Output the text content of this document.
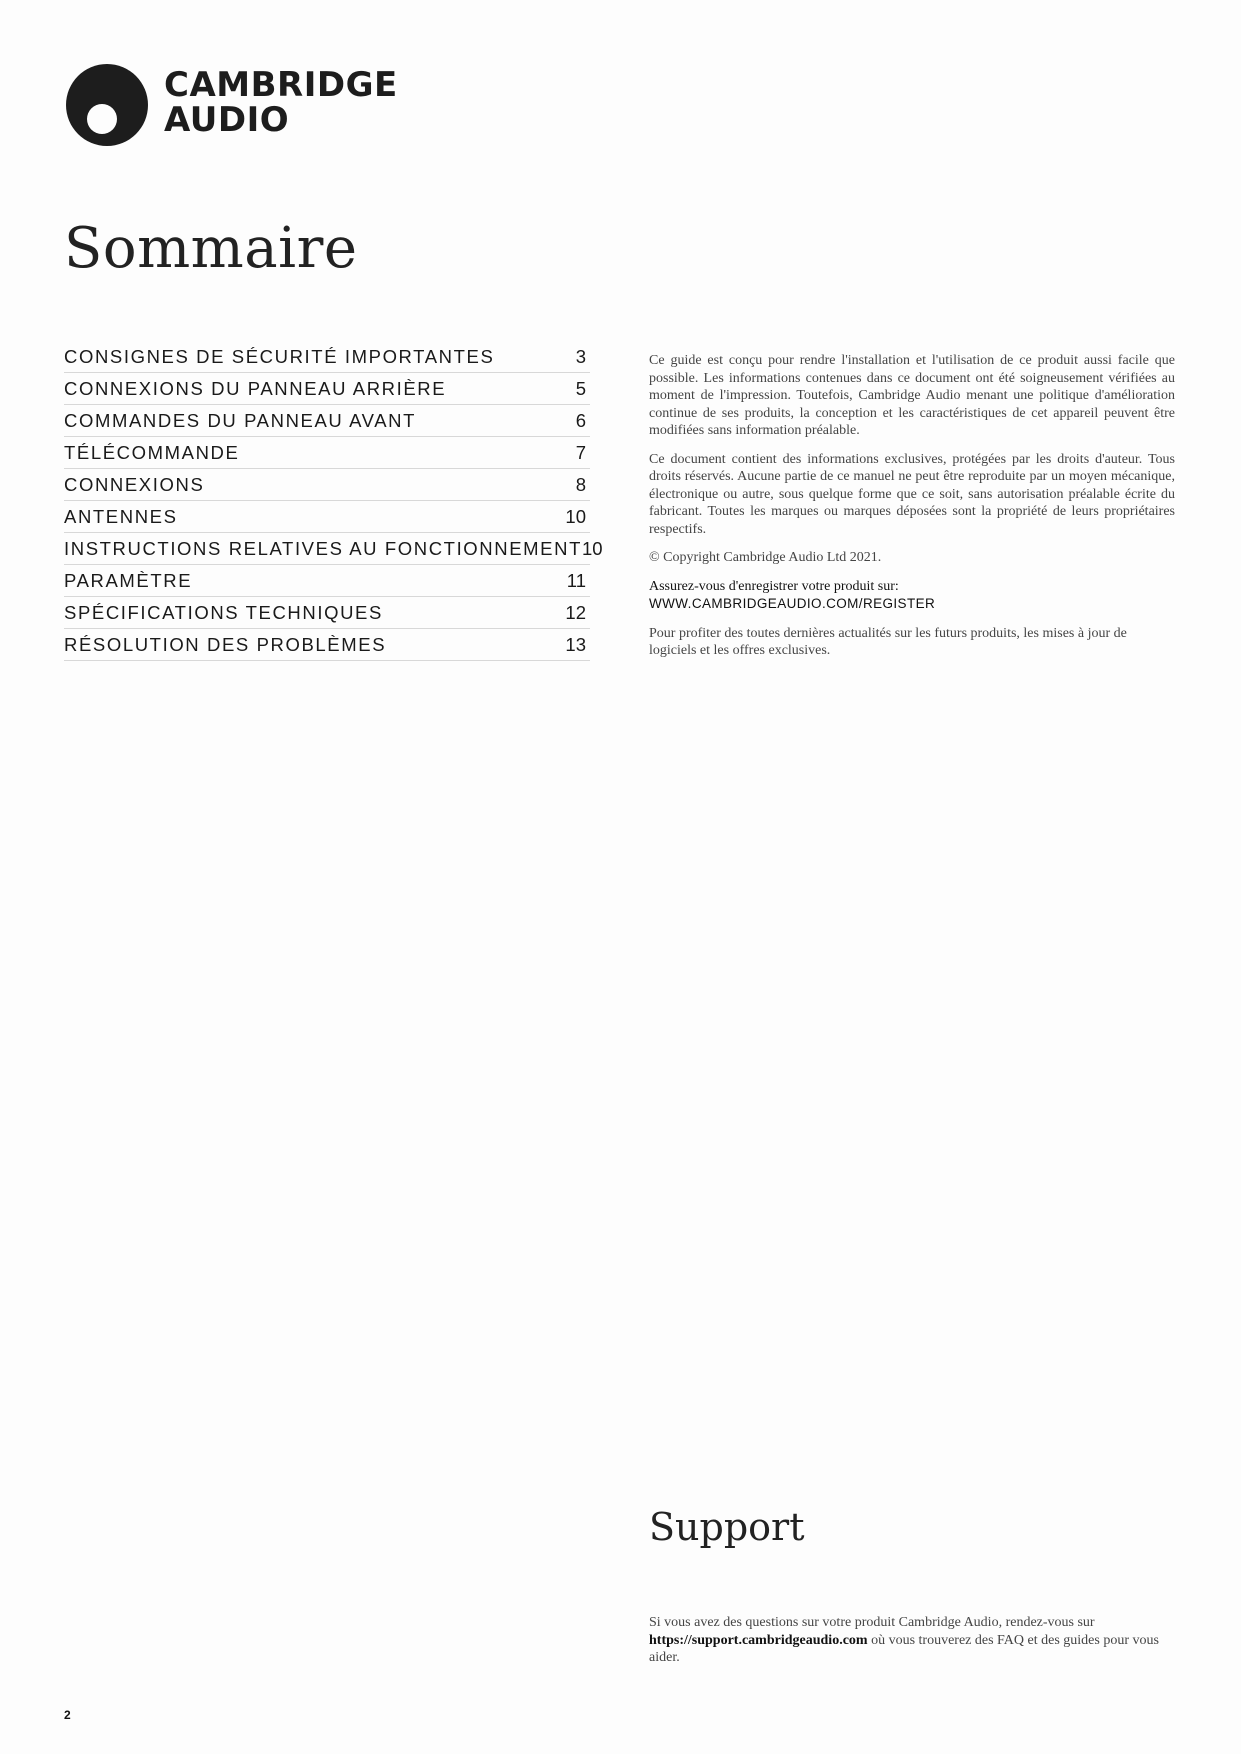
CAMBRIDGE
AUDIO
Sommaire
CONSIGNES DE SÉCURITÉ IMPORTANTES	3
CONNEXIONS DU PANNEAU ARRIÈRE	5
COMMANDES DU PANNEAU AVANT	6
TÉLÉCOMMANDE	7
CONNEXIONS	8
ANTENNES	10
INSTRUCTIONS RELATIVES AU FONCTIONNEMENT 10
PARAMÈTRE	11
SPÉCIFICATIONS TECHNIQUES	12
RÉSOLUTION DES PROBLÈMES	13

Ce guide est conçu pour rendre l'installation et l'utilisation de ce produit aussi facile que possible. Les informations contenues dans ce document ont été soigneusement vérifiées au moment de l'impression. Toutefois, Cambridge Audio menant une politique d'amélioration continue de ses produits, la conception et les caractéristiques de cet appareil peuvent être modifiées sans information préalable.

Ce document contient des informations exclusives, protégées par les droits d'auteur. Tous droits réservés. Aucune partie de ce manuel ne peut être reproduite par un moyen mécanique, électronique ou autre, sous quelque forme que ce soit, sans autorisation préalable écrite du fabricant. Toutes les marques ou marques déposées sont la propriété de leurs propriétaires respectifs.

© Copyright Cambridge Audio Ltd 2021.

Assurez-vous d'enregistrer votre produit sur:

WWW.CAMBRIDGEAUDIO.COM/REGISTER

Pour profiter des toutes dernières actualités sur les futurs produits, les mises à jour de logiciels et les offres exclusives.

Support

Si vous avez des questions sur votre produit Cambridge Audio, rendez-vous sur https://support.cambridgeaudio.com où vous trouverez des FAQ et des guides pour vous aider.

2
